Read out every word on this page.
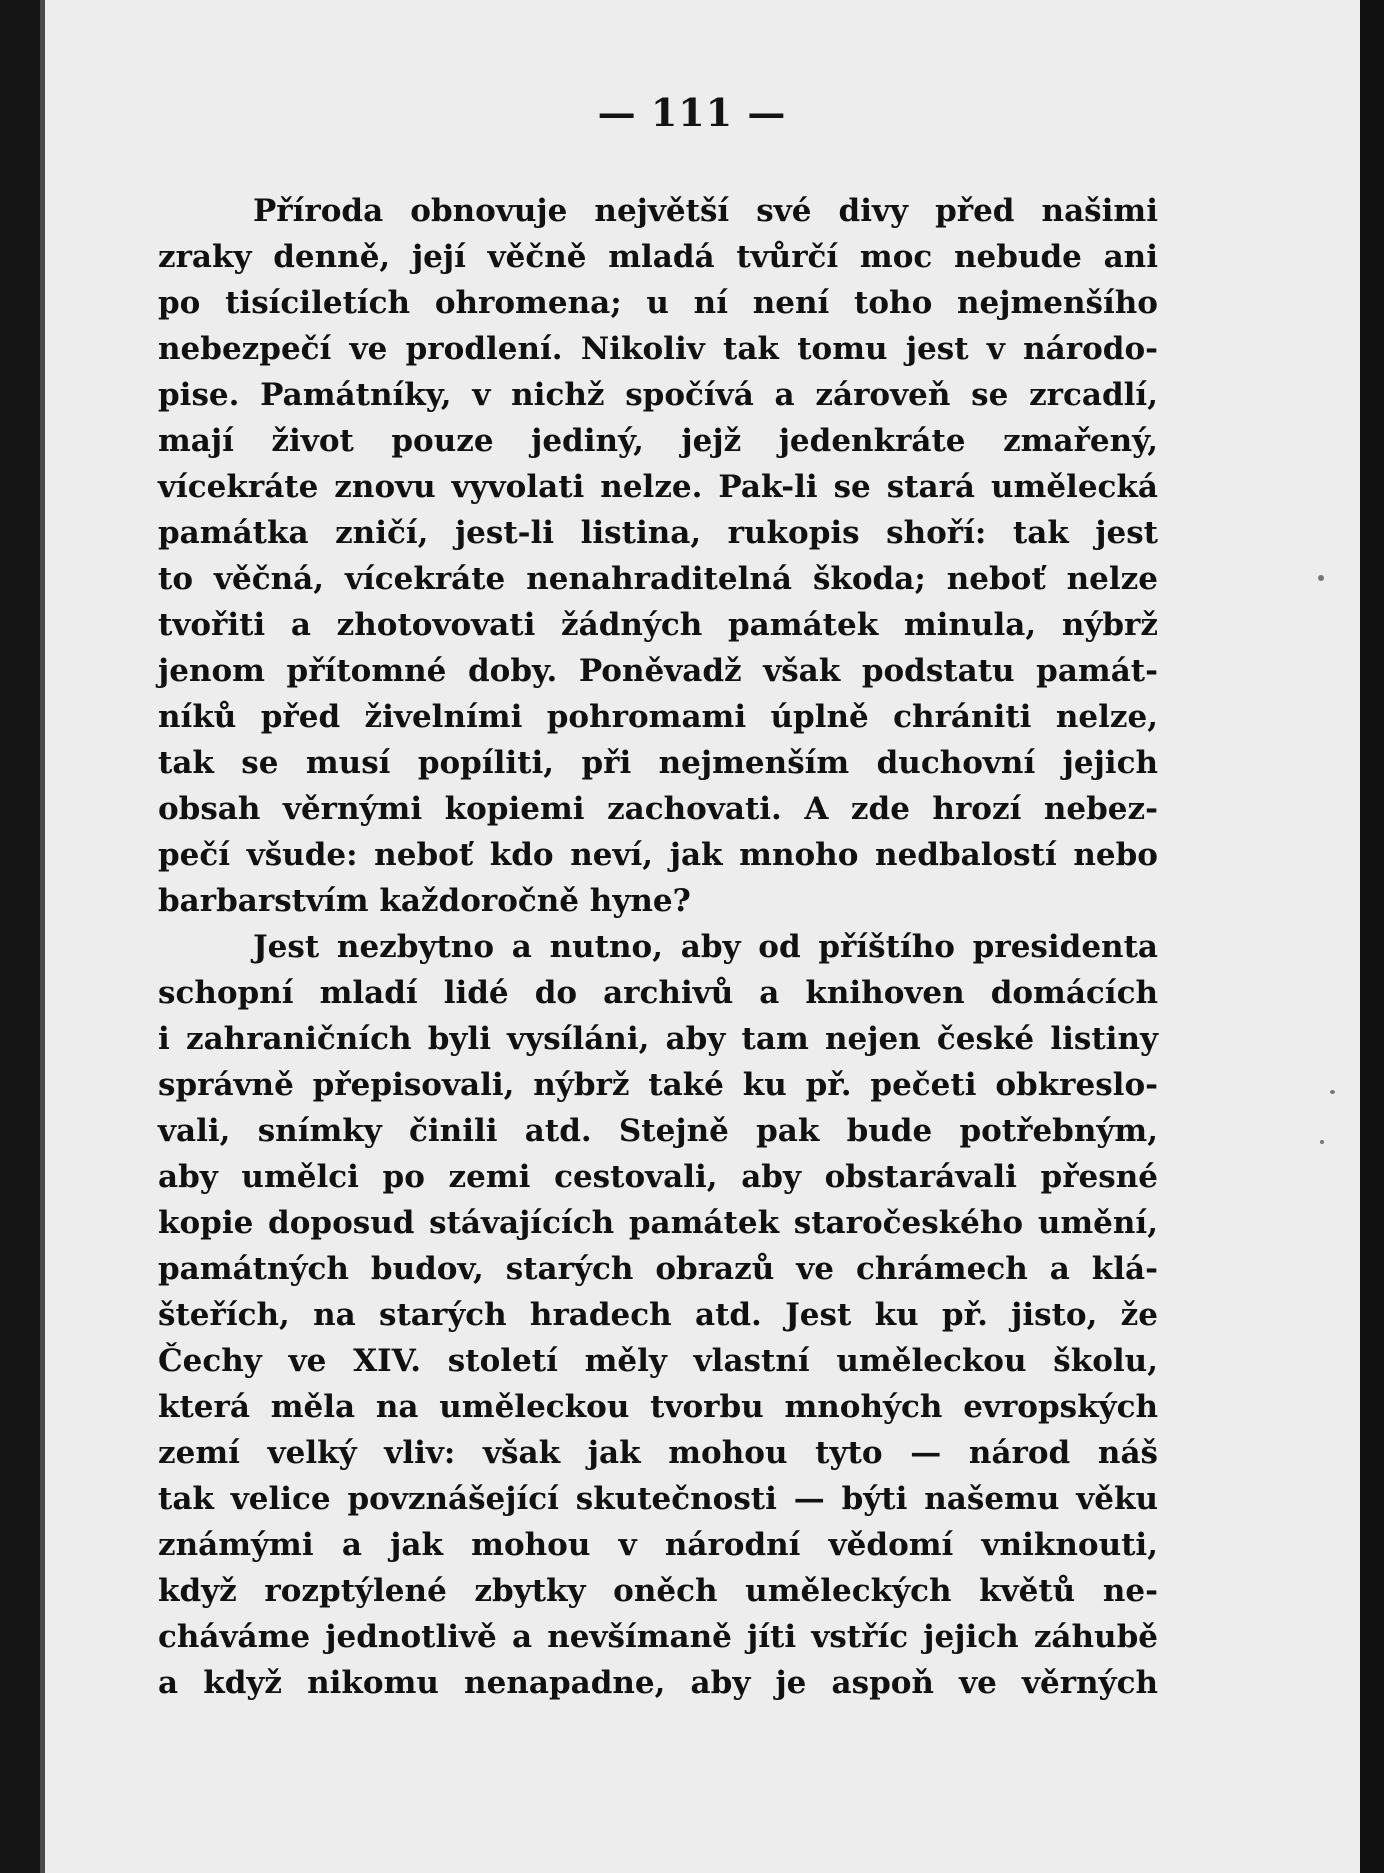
— 111 —
Příroda obnovuje největší své divy před našimi
zraky denně, její věčně mladá tvůrčí moc nebude ani
po tisíciletích ohromena; u ní není toho nejmenšího
nebezpečí ve prodlení. Nikoliv tak tomu jest v národo-
pise. Památníky, v nichž spočívá a zároveň se zrcadlí,
mají život pouze jediný, jejž jedenkráte zmařený,
vícekráte znovu vyvolati nelze. Pak-li se stará umělecká
památka zničí, jest-li listina, rukopis shoří: tak jest
to věčná, vícekráte nenahraditelná škoda; neboť nelze
tvořiti a zhotovovati žádných památek minula, nýbrž
jenom přítomné doby. Poněvadž však podstatu památ-
níků před živelními pohromami úplně chrániti nelze,
tak se musí popíliti, při nejmenším duchovní jejich
obsah věrnými kopiemi zachovati. A zde hrozí nebez-
pečí všude: neboť kdo neví, jak mnoho nedbalostí nebo
barbarstvím každoročně hyne?
Jest nezbytno a nutno, aby od příštího presidenta
schopní mladí lidé do archivů a knihoven domácích
i zahraničních byli vysíláni, aby tam nejen české listiny
správně přepisovali, nýbrž také ku př. pečeti obkreslo-
vali, snímky činili atd. Stejně pak bude potřebným,
aby umělci po zemi cestovali, aby obstarávali přesné
kopie doposud stávajících památek staročeského umění,
památných budov, starých obrazů ve chrámech a klá-
šteřích, na starých hradech atd. Jest ku př. jisto, že
Čechy ve XIV. století měly vlastní uměleckou školu,
která měla na uměleckou tvorbu mnohých evropských
zemí velký vliv: však jak mohou tyto — národ náš
tak velice povznášející skutečnosti — býti našemu věku
známými a jak mohou v národní vědomí vniknouti,
když rozptýlené zbytky oněch uměleckých květů ne-
cháváme jednotlivě a nevšímaně jíti vstříc jejich záhubě
a když nikomu nenapadne, aby je aspoň ve věrných
